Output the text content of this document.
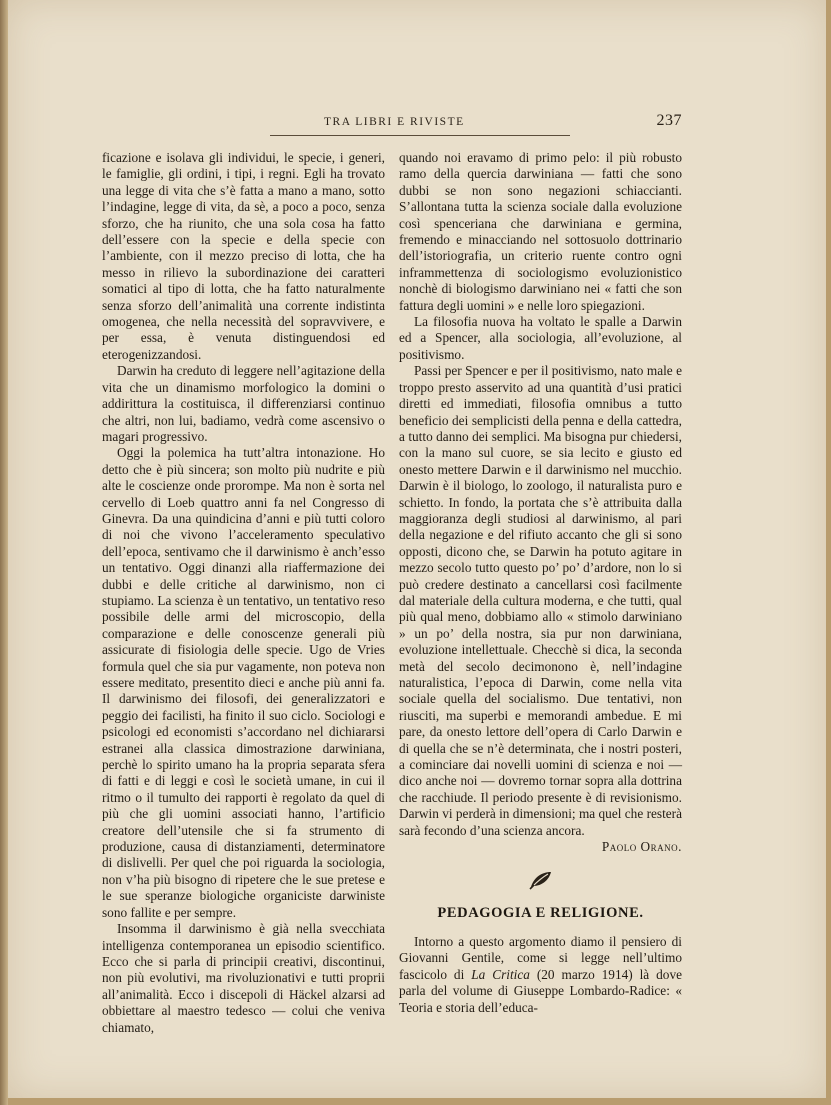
TRA LIBRI E RIVISTE	237

ficazione e isolava gli individui, le specie, i generi, le famiglie, gli ordini, i tipi, i regni. Egli ha trovato una legge di vita che s’è fatta a mano a mano, sotto l’indagine, legge di vita, da sè, a poco a poco, senza sforzo, che ha riunito, che una sola cosa ha fatto dell’essere con la specie e della specie con l’ambiente, con il mezzo preciso di lotta, che ha messo in rilievo la subordinazione dei caratteri somatici al tipo di lotta, che ha fatto naturalmente senza sforzo dell’animalità una corrente indistinta omogenea, che nella necessità del sopravvivere, e per essa, è venuta distinguendosi ed eterogenizzandosi.

Darwin ha creduto di leggere nell’agitazione della vita che un dinamismo morfologico la domini o addirittura la costituisca, il differenziarsi continuo che altri, non lui, badiamo, vedrà come ascensivo o magari progressivo.

Oggi la polemica ha tutt’altra intonazione. Ho detto che è più sincera; son molto più nudrite e più alte le coscienze onde prorompe. Ma non è sorta nel cervello di Loeb quattro anni fa nel Congresso di Ginevra. Da una quindicina d’anni e più tutti coloro di noi che vivono l’acceleramento speculativo dell’epoca, sentivamo che il darwinismo è anch’esso un tentativo. Oggi dinanzi alla riaffermazione dei dubbi e delle critiche al darwinismo, non ci stupiamo. La scienza è un tentativo, un tentativo reso possibile delle armi del microscopio, della comparazione e delle conoscenze generali più assicurate di fisiologia delle specie. Ugo de Vries formula quel che sia pur vagamente, non poteva non essere meditato, presentito dieci e anche più anni fa. Il darwinismo dei filosofi, dei generalizzatori e peggio dei facilisti, ha finito il suo ciclo. Sociologi e psicologi ed economisti s’accordano nel dichiararsi estranei alla classica dimostrazione darwiniana, perchè lo spirito umano ha la propria separata sfera di fatti e di leggi e così le società umane, in cui il ritmo o il tumulto dei rapporti è regolato da quel di più che gli uomini associati hanno, l’artificio creatore dell’utensile che si fa strumento di produzione, causa di distanziamenti, determinatore di dislivelli. Per quel che poi riguarda la sociologia, non v’ha più bisogno di ripetere che le sue pretese e le sue speranze biologiche organiciste darwiniste sono fallite e per sempre.

Insomma il darwinismo è già nella svecchiata intelligenza contemporanea un episodio scientifico. Ecco che si parla di principii creativi, discontinui, non più evolutivi, ma rivoluzionativi e tutti proprii all’animalità. Ecco i discepoli di Häckel alzarsi ad obbiettare al maestro tedesco — colui che veniva chiamato,

quando noi eravamo di primo pelo: il più robusto ramo della quercia darwiniana — fatti che sono dubbi se non sono negazioni schiaccianti. S’allontana tutta la scienza sociale dalla evoluzione così spenceriana che darwiniana e germina, fremendo e minacciando nel sottosuolo dottrinario dell’istoriografia, un criterio ruente contro ogni inframmettenza di sociologismo evoluzionistico nonchè di biologismo darwiniano nei « fatti che son fattura degli uomini » e nelle loro spiegazioni.

La filosofia nuova ha voltato le spalle a Darwin ed a Spencer, alla sociologia, all’evoluzione, al positivismo.

Passi per Spencer e per il positivismo, nato male e troppo presto asservito ad una quantità d’usi pratici diretti ed immediati, filosofia omnibus a tutto beneficio dei semplicisti della penna e della cattedra, a tutto danno dei semplici. Ma bisogna pur chiedersi, con la mano sul cuore, se sia lecito e giusto ed onesto mettere Darwin e il darwinismo nel mucchio. Darwin è il biologo, lo zoologo, il naturalista puro e schietto. In fondo, la portata che s’è attribuita dalla maggioranza degli studiosi al darwinismo, al pari della negazione e del rifiuto accanto che gli si sono opposti, dicono che, se Darwin ha potuto agitare in mezzo secolo tutto questo po’ po’ d’ardore, non lo si può credere destinato a cancellarsi così facilmente dal materiale della cultura moderna, e che tutti, qual più qual meno, dobbiamo allo « stimolo darwiniano » un po’ della nostra, sia pur non darwiniana, evoluzione intellettuale. Checchè si dica, la seconda metà del secolo decimonono è, nell’indagine naturalistica, l’epoca di Darwin, come nella vita sociale quella del socialismo. Due tentativi, non riusciti, ma superbi e memorandi ambedue. E mi pare, da onesto lettore dell’opera di Carlo Darwin e di quella che se n’è determinata, che i nostri posteri, a cominciare dai novelli uomini di scienza e noi — dico anche noi — dovremo tornar sopra alla dottrina che racchiude. Il periodo presente è di revisionismo. Darwin vi perderà in dimensioni; ma quel che resterà sarà fecondo d’una scienza ancora.

Paolo Orano.

PEDAGOGIA E RELIGIONE.

Intorno a questo argomento diamo il pensiero di Giovanni Gentile, come si legge nell’ultimo fascicolo di La Critica (20 marzo 1914) là dove parla del volume di Giuseppe Lombardo-Radice: « Teoria e storia dell’educa-
